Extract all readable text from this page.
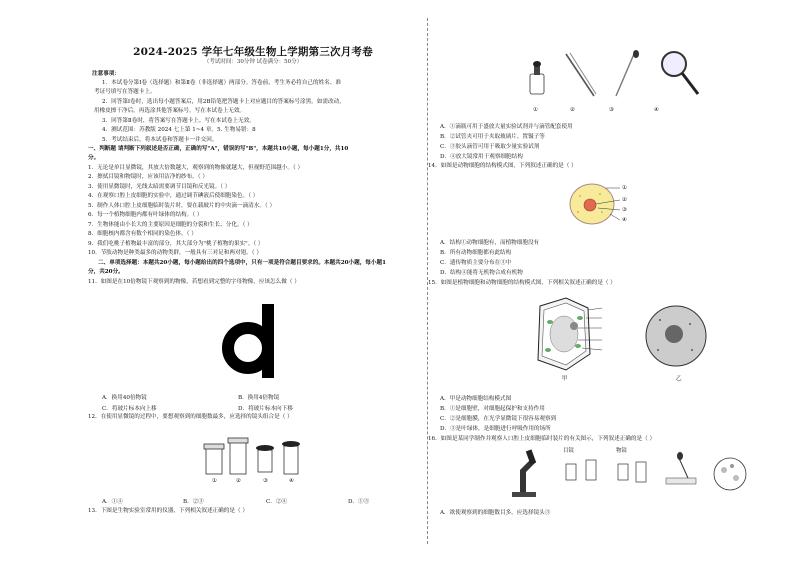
2024-2025 学年七年级生物上学期第三次月考卷
（考试时间：30分钟 试卷满分：50分）
注意事项：
1．本试卷分第Ⅰ卷（选择题）和第Ⅱ卷（非选择题）两部分。答卷前，考生务必将自己的姓名、准
考证号填写在答题卡上。
2．回答第Ⅰ卷时，选出每小题答案后，用2B铅笔把答题卡上对应题目的答案标号涂黑。如需改动，
用橡皮擦干净后，再选涂其他答案标号。写在本试卷上无效。
3．回答第Ⅱ卷时，将答案写在答题卡上。写在本试卷上无效。
4．测试范围：苏教版 2024 七上第 1~4 章。5. 生物易错：8
5．考试结束后，将本试卷和答题卡一并交回。
一、判断题 请判断下列叙述是否正确，正确的写"A"，错误的写"B"，本题共10小题，每小题1分，共10
分。
1．无论是单目显微镜，其放大倍数越大，观察到的物像就越大，但视野范围越小。（ ）
2．擦拭目镜和物镜时，应该用洁净的纱布。（ ）
3．使用显微镜时，光线太暗需要调节目镜和反光镜。（ ）
4．在观察口腔上皮细胞的实验中，通过调节碘液后使细胞染色。（ ）
5．制作人体口腔上皮细胞临时装片时，要在载玻片的中央滴一滴清水。（ ）
6．每一个植物细胞内都有叶绿体的结构。（ ）
7．生物体能由小长大的主要原因是细胞的分裂和生长、分化。（ ）
8．细胞核内都含有数个相同的染色体。（ ）
9．我们吃桃子植物最丰富的部分，其大部分为"桃子植物的果实"。（ ）
10．节肢动物是种类最多的动物类群，一般具有三对足和两对翅。（ ）
二、单项选择题：本题共20小题，每小题给出的四个选项中，只有一项是符合题目要求的。本题共20小题，每小题1
分，共20分。
11．如图是在10倍物镜下观察到的物像，若想看到完整的字母物像，应该怎么做（ ）
A．换用40倍物镜	B．换用4倍物镜
C．将玻片标本向上移	D．将玻片标本向下移
12．在使用显微镜的过程中，要想观察到的细胞数最多，应选择的镜头组合是（ ）
①	②	③	④
A．①④	B．②③	C．②④	D．①③
13．下图是生物实验室常用的仪器，下列相关叙述正确的是（ ）
①	②	③	④
A．①滴瓶可用于盛放大量实验试剂并与滴管配套使用
B．②试管夹可用于夹取玻璃片、置镊子等
C．③胶头滴管可用于吸取少量实验试剂
D．④放大镜常用于观察细胞结构
14．如图是动物细胞的结构模式图，下列叙述正确的是（ ）
①
②
③
④
A．结构①动物细胞有，而植物细胞没有
B．所有动物细胞都有此结构
C．遗传物质主要分布在③中
D．结构④能将无机物合成有机物
15．如图是植物细胞和动物细胞的结构模式图，下列相关叙述正确的是（ ）
甲	乙
A．甲是动物细胞结构模式图
B．①是细胞壁，对细胞起保护和支持作用
C．②是细胞膜，在光学显微镜下很容易观察到
D．③是叶绿体，是细胞进行呼吸作用的场所
16．如图是某同学制作并观察人口腔上皮细胞临时装片的有关图示，下列叙述正确的是（ ）
目镜	物镜
A．欲使观察到的细胞数目多，应选择镜头③
